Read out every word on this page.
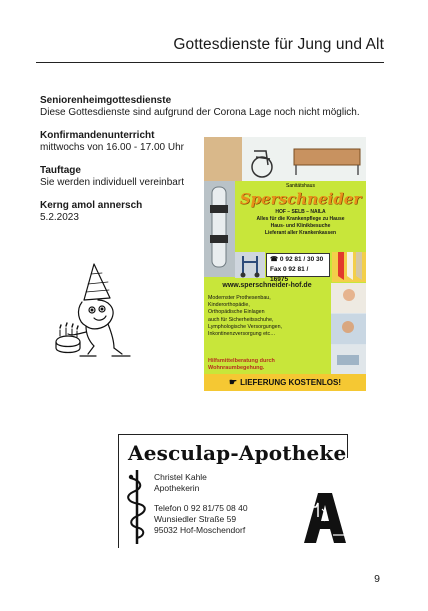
Gottesdienste für Jung und Alt
Seniorenheimgottesdienste
Diese Gottesdienste sind aufgrund der Corona Lage noch nicht möglich.
Konfirmandenunterricht
mittwochs von 16.00 - 17.00 Uhr
Tauftage
Sie werden individuell vereinbart
Kerng amol annersch
5.2.2023
Sanitätshaus
Sperschneider
HOF – SELB – NAILA
Alles für die Krankenpflege zu Hause
Haus- und Klinikbesuche
Lieferant aller Krankenkassen
☎ 0 92 81 / 30 30
Fax 0 92 81 / 16975
www.sperschneider-hof.de
Modernster Prothesenbau,
Kinderorthopädie,
Orthopädische Einlagen
auch für Sicherheitsschuhe,
Lymphologische Versorgungen,
Inkontinenzversorgung etc…
Hilfsmittelberatung durch
Wohnraumbegehung.
☛ LIEFERUNG KOSTENLOS!
Aesculap-Apotheke
Christel Kahle
Apothekerin
Telefon 0 92 81/75 08 40
Wunsiedler Straße 59
95032 Hof-Moschendorf
9
